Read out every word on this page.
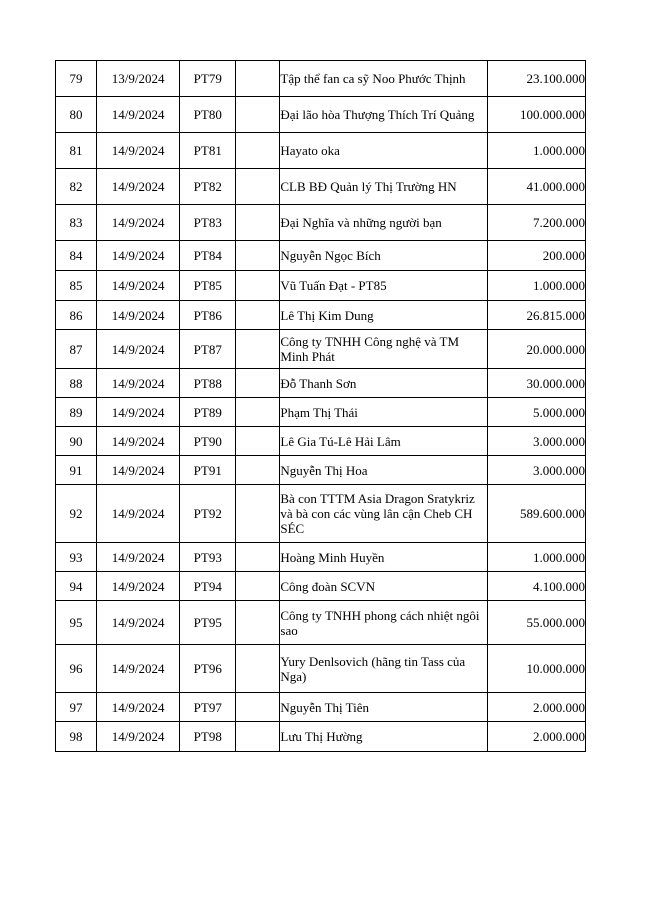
79	13/9/2024	PT79		Tập thể fan ca sỹ Noo Phước Thịnh	23.100.000
80	14/9/2024	PT80		Đại lão hòa Thượng Thích Trí Quảng	100.000.000
81	14/9/2024	PT81		Hayato oka	1.000.000
82	14/9/2024	PT82		CLB BĐ Quản lý Thị Trường HN	41.000.000
83	14/9/2024	PT83		Đại Nghĩa và những người bạn	7.200.000
84	14/9/2024	PT84		Nguyễn Ngọc Bích	200.000
85	14/9/2024	PT85		Vũ Tuấn Đạt - PT85	1.000.000
86	14/9/2024	PT86		Lê Thị Kim Dung	26.815.000
87	14/9/2024	PT87		Công ty TNHH Công nghệ và TM Minh Phát	20.000.000
88	14/9/2024	PT88		Đỗ Thanh Sơn	30.000.000
89	14/9/2024	PT89		Phạm Thị Thái	5.000.000
90	14/9/2024	PT90		Lê Gia Tú-Lê Hải Lâm	3.000.000
91	14/9/2024	PT91		Nguyễn Thị Hoa	3.000.000
92	14/9/2024	PT92		Bà con TTTM Asia Dragon Sratykriz và bà con các vùng lân cận Cheb CH SÉC	589.600.000
93	14/9/2024	PT93		Hoàng Minh Huyền	1.000.000
94	14/9/2024	PT94		Công đoàn SCVN	4.100.000
95	14/9/2024	PT95		Công ty TNHH phong cách nhiệt ngôi sao	55.000.000
96	14/9/2024	PT96		Yury Denlsovich (hãng tin Tass của Nga)	10.000.000
97	14/9/2024	PT97		Nguyễn Thị Tiên	2.000.000
98	14/9/2024	PT98		Lưu Thị Hường	2.000.000
